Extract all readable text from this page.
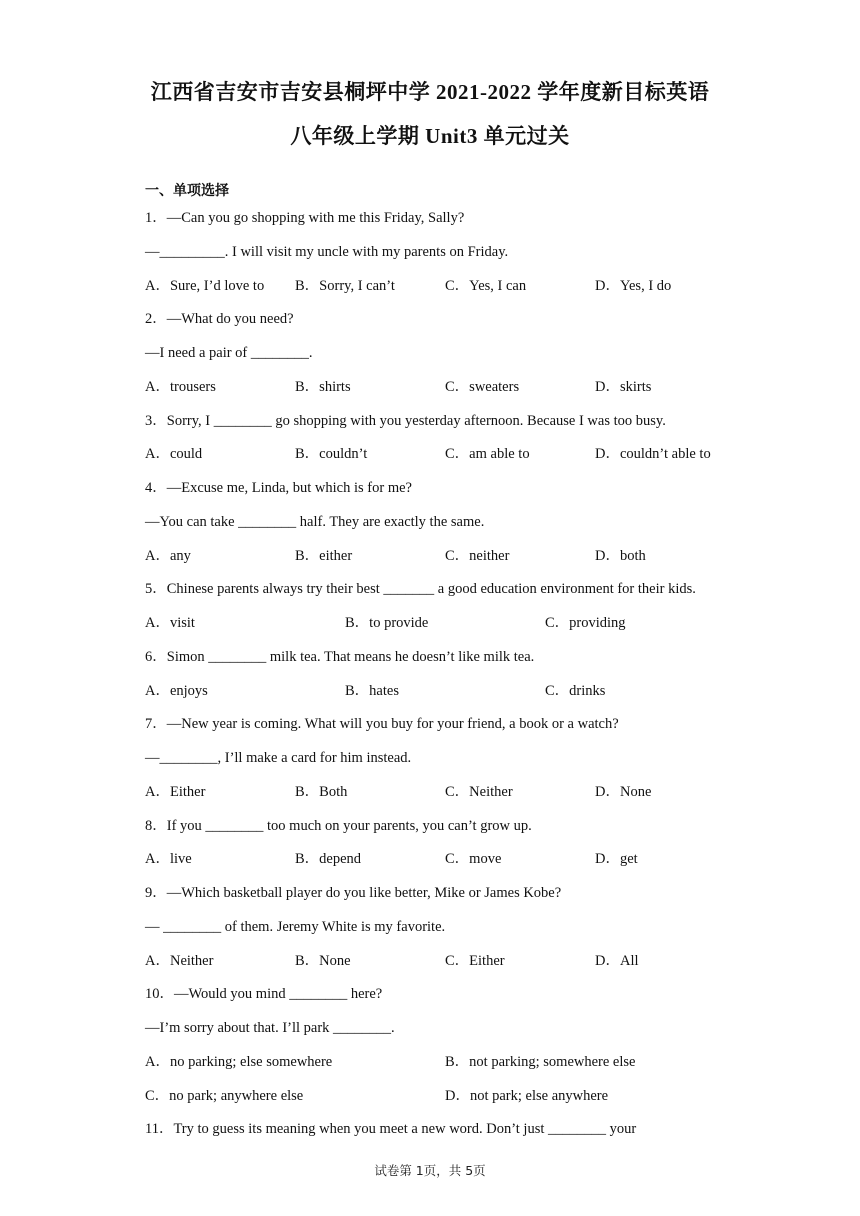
江西省吉安市吉安县桐坪中学 2021-2022 学年度新目标英语
八年级上学期 Unit3 单元过关
一、单项选择
1．—Can you go shopping with me this Friday, Sally?
—_________. I will visit my uncle with my parents on Friday.
A．Sure, I’d love to B．Sorry, I can’t	C．Yes, I can	D．Yes, I do
2．—What do you need?
—I need a pair of ________.
A．trousers	B．shirts	C．sweaters	D．skirts
3．Sorry, I ________ go shopping with you yesterday afternoon. Because I was too busy.
A．could	B．couldn’t	C．am able to	D．couldn’t able to
4．—Excuse me, Linda, but which is for me?
—You can take ________ half. They are exactly the same.
A．any	B．either	C．neither	D．both
5．Chinese parents always try their best _______ a good education environment for their kids.
A．visit	B．to provide	C．providing
6．Simon ________ milk tea. That means he doesn’t like milk tea.
A．enjoys	B．hates	C．drinks
7．—New year is coming. What will you buy for your friend, a book or a watch?
—________, I’ll make a card for him instead.
A．Either	B．Both	C．Neither	D．None
8．If you ________ too much on your parents, you can’t grow up.
A．live	B．depend	C．move	D．get
9．—Which basketball player do you like better, Mike or James Kobe?
— ________ of them. Jeremy White is my favorite.
A．Neither	B．None	C．Either	D．All
10．—Would you mind ________ here?
—I’m sorry about that. I’ll park ________.
A．no parking; else somewhere	B．not parking; somewhere else
C．no park; anywhere else	D．not park; else anywhere
11．Try to guess its meaning when you meet a new word. Don’t just ________ your
试卷第 1页，共 5页
